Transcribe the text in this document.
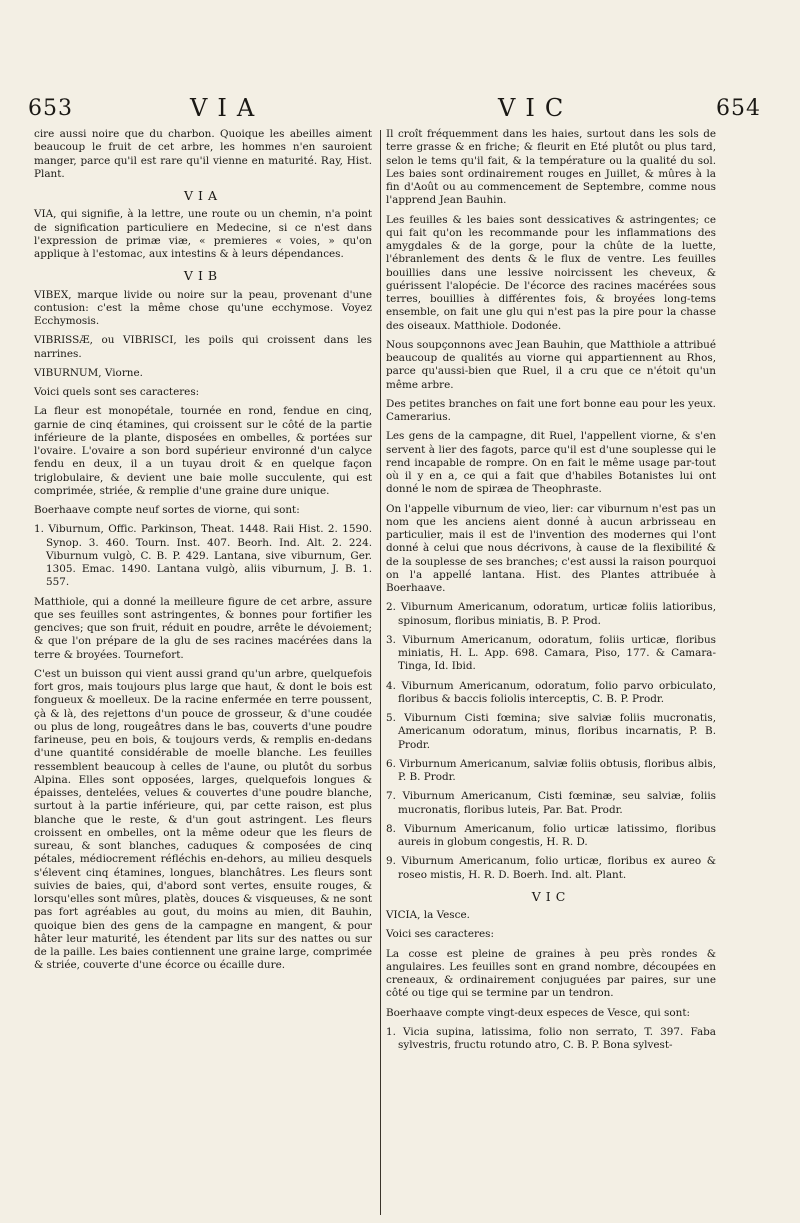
653	VIA	VIC	654

cire aussi noire que du charbon. Quoique les abeilles aiment beaucoup le fruit de cet arbre, les hommes n'en sauroient manger, parce qu'il est rare qu'il vienne en maturité. Ray, Hist. Plant.

VIA

VIA, qui signifie, à la lettre, une route ou un chemin, n'a point de signification particuliere en Medecine, si ce n'est dans l'expression de primæ viæ, « premieres « voies, » qu'on applique à l'estomac, aux intestins & à leurs dépendances.

VIB

VIBEX, marque livide ou noire sur la peau, provenant d'une contusion: c'est la même chose qu'une ecchymose. Voyez Ecchymosis.

VIBRISSÆ, ou VIBRISCI, les poils qui croissent dans les narrines.

VIBURNUM, Viorne.

Voici quels sont ses caracteres:

La fleur est monopétale, tournée en rond, fendue en cinq, garnie de cinq étamines, qui croissent sur le côté de la partie inférieure de la plante, disposées en ombelles, & portées sur l'ovaire. L'ovaire a son bord supérieur environné d'un calyce fendu en deux, il a un tuyau droit & en quelque façon triglobulaire, & devient une baie molle succulente, qui est comprimée, striée, & remplie d'une graine dure unique.

Boerhaave compte neuf sortes de viorne, qui sont:

1. Viburnum, Offic. Parkinson, Theat. 1448. Raii Hist. 2. 1590. Synop. 3. 460. Tourn. Inst. 407. Beorh. Ind. Alt. 2. 224. Viburnum vulgò, C. B. P. 429. Lantana, sive viburnum, Ger. 1305. Emac. 1490. Lantana vulgò, aliis viburnum, J. B. 1. 557.

Matthiole, qui a donné la meilleure figure de cet arbre, assure que ses feuilles sont astringentes, & bonnes pour fortifier les gencives; que son fruit, réduit en poudre, arrête le dévoiement; & que l'on prépare de la glu de ses racines macérées dans la terre & broyées. Tournefort.

C'est un buisson qui vient aussi grand qu'un arbre, quelquefois fort gros, mais toujours plus large que haut, & dont le bois est fongueux & moelleux. De la racine enfermée en terre poussent, çà & là, des rejettons d'un pouce de grosseur, & d'une coudée ou plus de long, rougeâtres dans le bas, couverts d'une poudre farineuse, peu en bois, & toujours verds, & remplis en-dedans d'une quantité considérable de moelle blanche. Les feuilles ressemblent beaucoup à celles de l'aune, ou plutôt du sorbus Alpina. Elles sont opposées, larges, quelquefois longues & épaisses, dentelées, velues & couvertes d'une poudre blanche, surtout à la partie inférieure, qui, par cette raison, est plus blanche que le reste, & d'un gout astringent. Les fleurs croissent en ombelles, ont la même odeur que les fleurs de sureau, & sont blanches, caduques & composées de cinq pétales, médiocrement réfléchis en-dehors, au milieu desquels s'élevent cinq étamines, longues, blanchâtres. Les fleurs sont suivies de baies, qui, d'abord sont vertes, ensuite rouges, & lorsqu'elles sont mûres, platès, douces & visqueuses, & ne sont pas fort agréables au gout, du moins au mien, dit Bauhin, quoique bien des gens de la campagne en mangent, & pour hâter leur maturité, les étendent par lits sur des nattes ou sur de la paille. Les baies contiennent une graine large, comprimée & striée, couverte d'une écorce ou écaille dure.

Il croît fréquemment dans les haies, surtout dans les sols de terre grasse & en friche; & fleurit en Eté plutôt ou plus tard, selon le tems qu'il fait, & la température ou la qualité du sol. Les baies sont ordinairement rouges en Juillet, & mûres à la fin d'Août ou au commencement de Septembre, comme nous l'apprend Jean Bauhin.

Les feuilles & les baies sont dessicatives & astringentes; ce qui fait qu'on les recommande pour les inflammations des amygdales & de la gorge, pour la chûte de la luette, l'ébranlement des dents & le flux de ventre. Les feuilles bouillies dans une lessive noircissent les cheveux, & guérissent l'alopécie. De l'écorce des racines macérées sous terres, bouillies à différentes fois, & broyées long-tems ensemble, on fait une glu qui n'est pas la pire pour la chasse des oiseaux. Matthiole. Dodonée.

Nous soupçonnons avec Jean Bauhin, que Matthiole a attribué beaucoup de qualités au viorne qui appartiennent au Rhos, parce qu'aussi-bien que Ruel, il a cru que ce n'étoit qu'un même arbre.

Des petites branches on fait une fort bonne eau pour les yeux. Camerarius.

Les gens de la campagne, dit Ruel, l'appellent viorne, & s'en servent à lier des fagots, parce qu'il est d'une souplesse qui le rend incapable de rompre. On en fait le même usage par-tout où il y en a, ce qui a fait que d'habiles Botanistes lui ont donné le nom de spiræa de Theophraste.

On l'appelle viburnum de vieo, lier: car viburnum n'est pas un nom que les anciens aient donné à aucun arbrisseau en particulier, mais il est de l'invention des modernes qui l'ont donné à celui que nous décrivons, à cause de la flexibilité & de la souplesse de ses branches; c'est aussi la raison pourquoi on l'a appellé lantana. Hist. des Plantes attribuée à Boerhaave.

2. Viburnum Americanum, odoratum, urticæ foliis latioribus, spinosum, floribus miniatis, B. P. Prod.

3. Viburnum Americanum, odoratum, foliis urticæ, floribus miniatis, H. L. App. 698. Camara, Piso, 177. & Camara-Tinga, Id. Ibid.

4. Viburnum Americanum, odoratum, folio parvo orbiculato, floribus & baccis foliolis interceptis, C. B. P. Prodr.

5. Viburnum Cisti fœmina; sive salviæ foliis mucronatis, Americanum odoratum, minus, floribus incarnatis, P. B. Prodr.

6. Virburnum Americanum, salviæ foliis obtusis, floribus albis, P. B. Prodr.

7. Viburnum Americanum, Cisti fœminæ, seu salviæ, foliis mucronatis, floribus luteis, Par. Bat. Prodr.

8. Viburnum Americanum, folio urticæ latissimo, floribus aureis in globum congestis, H. R. D.

9. Viburnum Americanum, folio urticæ, floribus ex aureo & roseo mistis, H. R. D. Boerh. Ind. alt. Plant.

VIC

VICIA, la Vesce.

Voici ses caracteres:

La cosse est pleine de graines à peu près rondes & angulaires. Les feuilles sont en grand nombre, découpées en creneaux, & ordinairement conjuguées par paires, sur une côté ou tige qui se termine par un tendron.

Boerhaave compte vingt-deux especes de Vesce, qui sont:

1. Vicia supina, latissima, folio non serrato, T. 397. Faba sylvestris, fructu rotundo atro, C. B. P. Bona sylvest-
